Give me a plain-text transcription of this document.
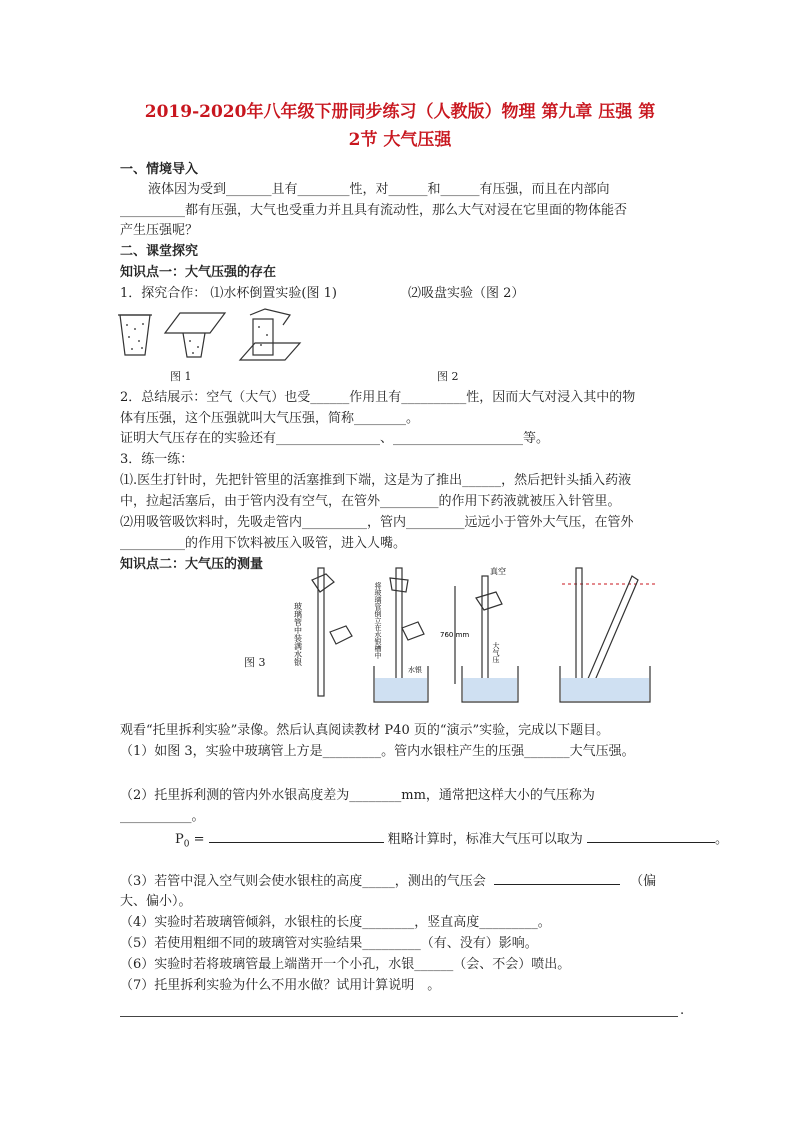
2019-2020年八年级下册同步练习（人教版）物理 第九章 压强 第
2节 大气压强
一、情境导入
液体因为受到_______且有________性，对______和______有压强，而且在内部向
__________都有压强，大气也受重力并且具有流动性，那么大气对浸在它里面的物体能否
产生压强呢？
二、课堂探究
知识点一：大气压强的存在
1．探究合作： ⑴水杯倒置实验(图 1)	⑵吸盘实验（图 2）
图 1	图 2
2．总结展示：空气（大气）也受______作用且有__________性，因而大气对浸入其中的物
体有压强，这个压强就叫大气压强，简称________。
证明大气压存在的实验还有________________、____________________等。
3．练一练：
⑴.医生打针时，先把针管里的活塞推到下端，这是为了推出______，然后把针头插入药液
中，拉起活塞后，由于管内没有空气，在管外_________的作用下药液就被压入针管里。
⑵用吸管吸饮料时，先吸走管内__________，管内_________远远小于管外大气压，在管外
__________的作用下饮料被压入吸管，进入人嘴。
知识点二：大气压的测量
图 3	玻璃管中装满水银	将玻璃管倒立在水银槽中
水银
760 mm
真空
大气压
观看“托里拆利实验”录像。然后认真阅读教材 P40 页的“演示”实验，完成以下题目。
（1）如图 3，实验中玻璃管上方是_________。管内水银柱产生的压强_______大气压强。
（2）托里拆利测的管内外水银高度差为________mm，通常把这样大小的气压称为
___________。
$P_0$ =	粗略计算时，标准大气压可以取为	。
（3）若管中混入空气则会使水银柱的高度_____，测出的气压会	（偏
大、偏小）。
（4）实验时若玻璃管倾斜，水银柱的长度________，竖直高度_________。
（5）若使用粗细不同的玻璃管对实验结果_________（有、没有）影响。
（6）实验时若将玻璃管最上端凿开一个小孔，水银______（会、不会）喷出。
（7）托里拆利实验为什么不用水做？试用计算说明　。
.
